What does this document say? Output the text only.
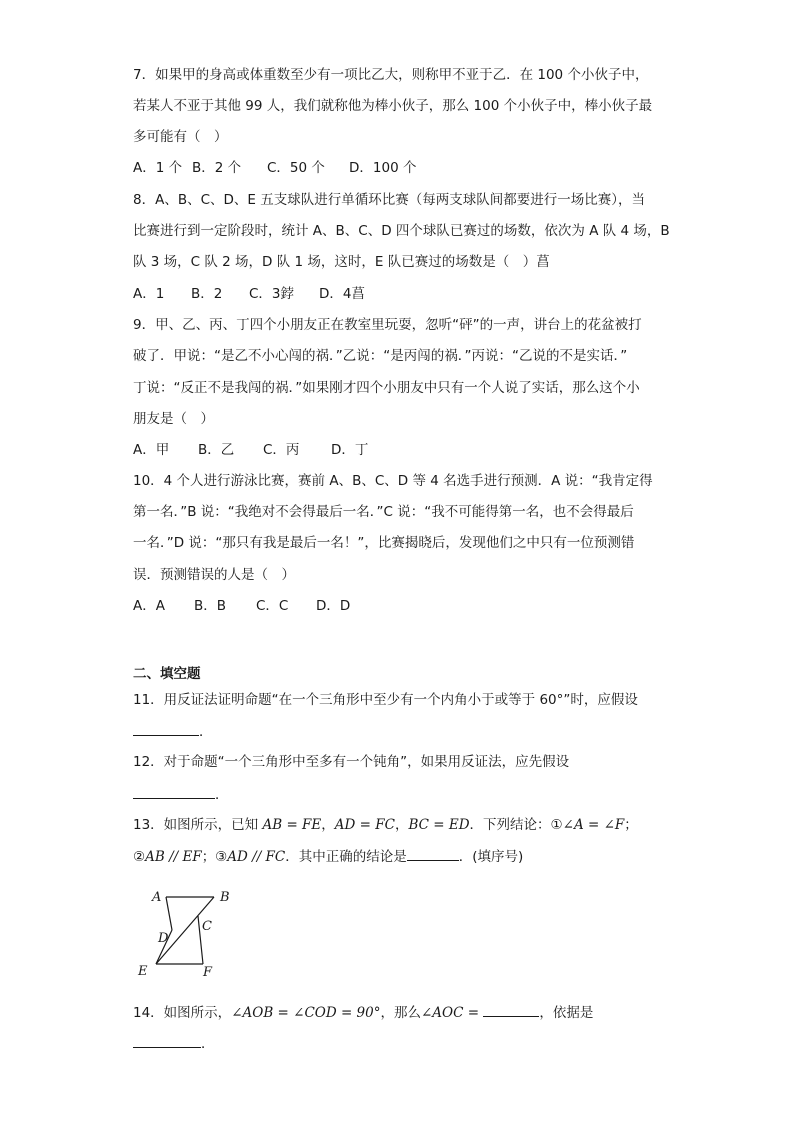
7．如果甲的身高或体重数至少有一项比乙大，则称甲不亚于乙．在 100 个小伙子中，
若某人不亚于其他 99 人，我们就称他为棒小伙子，那么 100 个小伙子中，棒小伙子最
多可能有（　）
A．1 个 B．2 个 C．50 个 D．100 个
8．A、B、C、D、E 五支球队进行单循环比赛（每两支球队间都要进行一场比赛），当
比赛进行到一定阶段时，统计 A、B、C、D 四个球队已赛过的场数，依次为 A 队 4 场，B
队 3 场，C 队 2 场，D 队 1 场，这时，E 队已赛过的场数是（　）菖
A．1 B．2 C．3鋍 D．4菖
9．甲、乙、丙、丁四个小朋友正在教室里玩耍，忽听“砰”的一声，讲台上的花盆被打
破了．甲说：“是乙不小心闯的祸．”乙说：“是丙闯的祸．”丙说：“乙说的不是实话．”
丁说：“反正不是我闯的祸．”如果刚才四个小朋友中只有一个人说了实话，那么这个小
朋友是（　）
A．甲 B．乙 C．丙 D．丁
10．4 个人进行游泳比赛，赛前 A、B、C、D 等 4 名选手进行预测．A 说：“我肯定得
第一名．”B 说：“我绝对不会得最后一名．”C 说：“我不可能得第一名，也不会得最后
一名．”D 说：“那只有我是最后一名！”，比赛揭晓后，发现他们之中只有一位预测错
误．预测错误的人是（　）
A．A B．B C．C D．D
二、填空题
11．用反证法证明命题“在一个三角形中至少有一个内角小于或等于 60°”时，应假设
．
12．对于命题“一个三角形中至多有一个钝角”，如果用反证法，应先假设
．
13．如图所示，已知 AB = FE，AD = FC，BC = ED．下列结论：①∠A = ∠F；
②AB // EF；③AD // FC．其中正确的结论是	．(填序号)
A	B
C
D
E	F
14．如图所示，∠AOB = ∠COD = 90°，那么∠AOC =	，依据是
．
